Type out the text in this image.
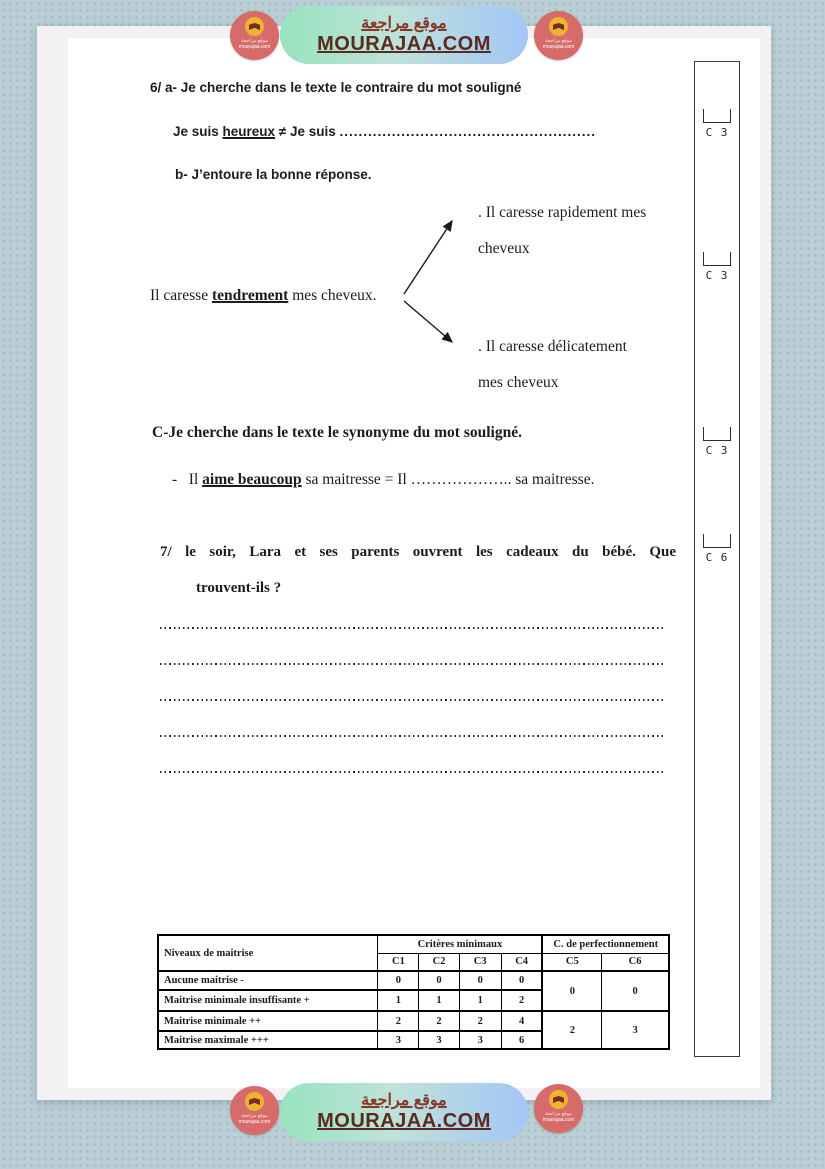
موقع مراجعة
MOURAJAA.COM
موقع مراجعة
mourajaa.com
موقع مراجعة
mourajaa.com
6/ a- Je cherche dans le texte le contraire du mot souligné
Je suis heureux ≠ Je suis ......................................................
b- J’entoure la bonne réponse.
Il caresse tendrement mes cheveux.
. Il caresse rapidement mes
cheveux
. Il caresse délicatement
mes cheveux
C-Je cherche dans le texte le synonyme du mot souligné.
- Il aime beaucoup sa maitresse = Il ……………….. sa maitresse.
7/ le soir, Lara et ses parents ouvrent les cadeaux du bébé. Que
trouvent-ils ?
Niveaux de maitrise	Critères minimaux				C. de perfectionnement	
	C1	C2	C3	C4	C5	C6
Aucune maitrise -	0	0	0	0	0	0
Maitrise minimale insuffisante +	1	1	1	2		
Maitrise minimale ++	2	2	2	4	2	3
Maitrise maximale +++	3	3	3	6		
C 3
C 3
C 3
C 6
موقع مراجعة
MOURAJAA.COM
موقع مراجعة
mourajaa.com
موقع مراجعة
mourajaa.com
